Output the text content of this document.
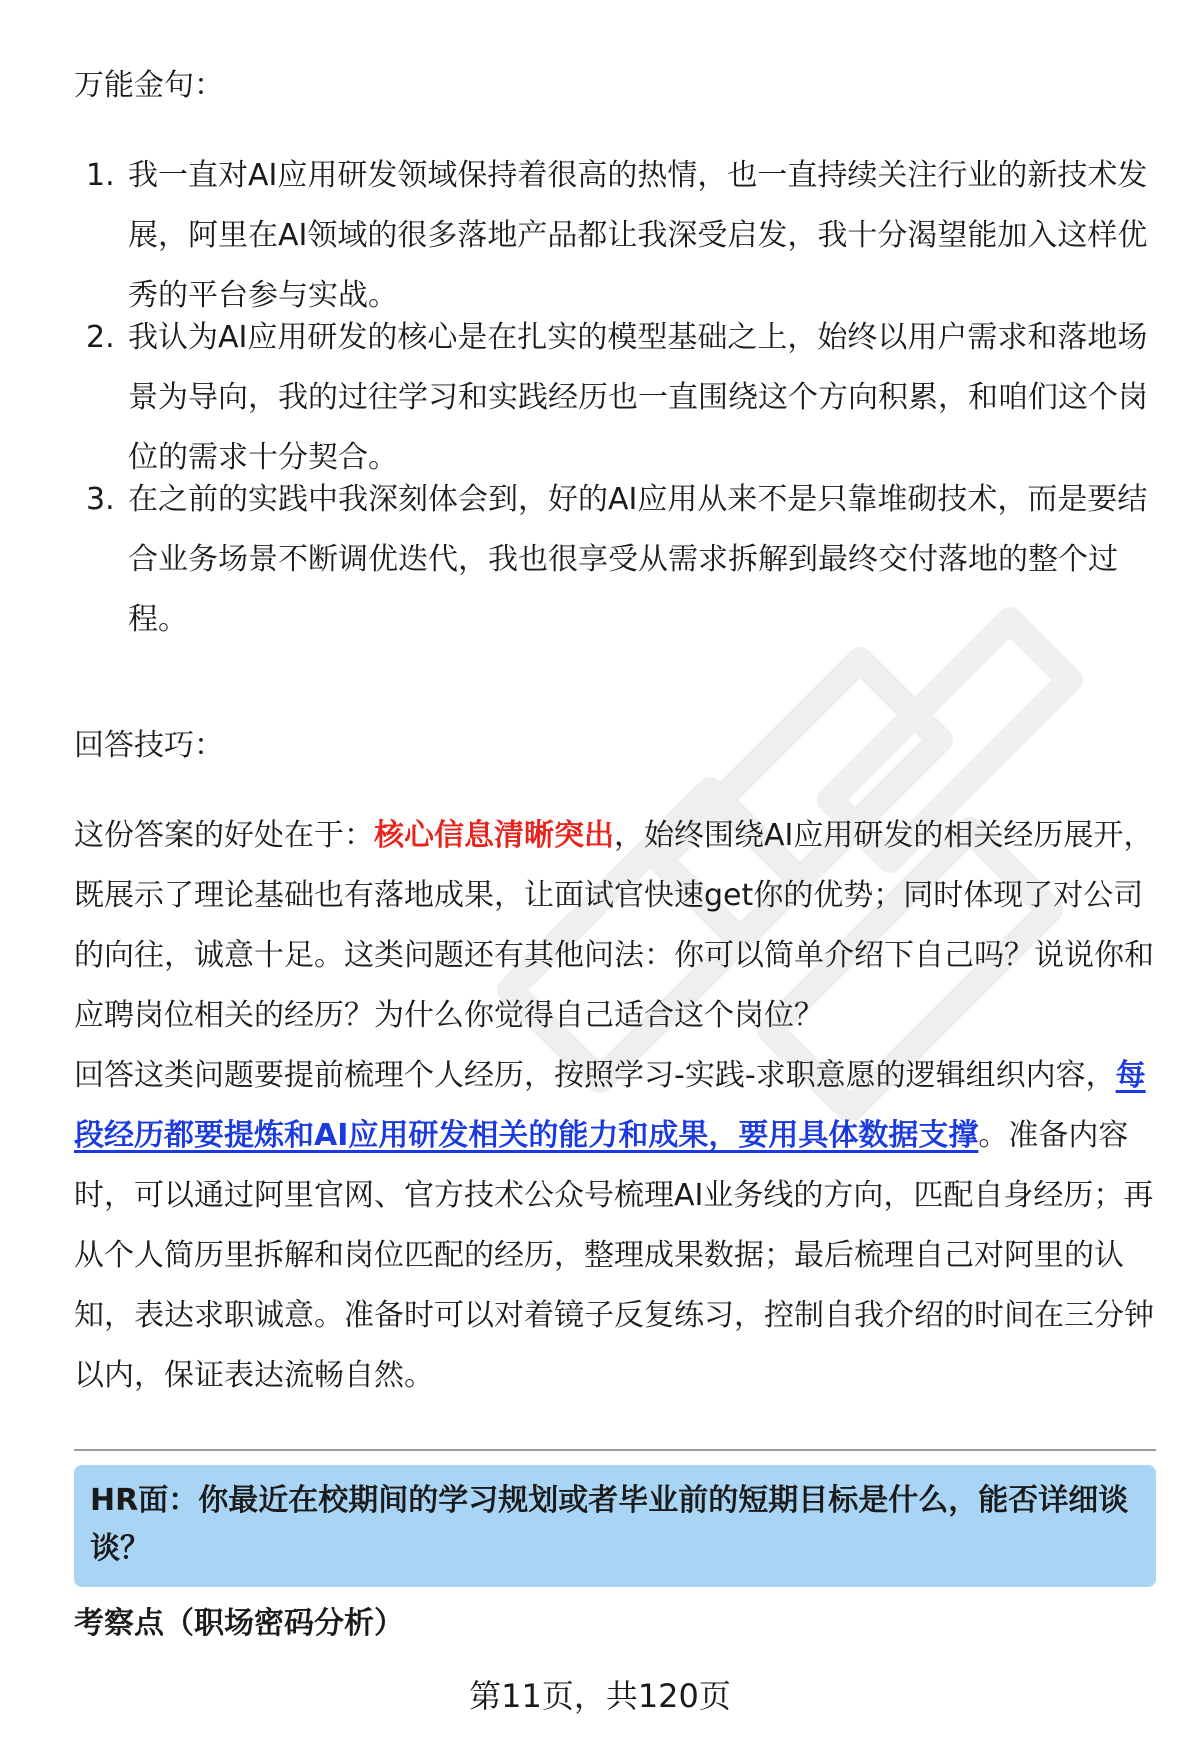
万能金句：
1. 我一直对AI应用研发领域保持着很高的热情，也一直持续关注行业的新技术发展，阿里在AI领域的很多落地产品都让我深受启发，我十分渴望能加入这样优秀的平台参与实战。
2. 我认为AI应用研发的核心是在扎实的模型基础之上，始终以用户需求和落地场景为导向，我的过往学习和实践经历也一直围绕这个方向积累，和咱们这个岗位的需求十分契合。
3. 在之前的实践中我深刻体会到，好的AI应用从来不是只靠堆砌技术，而是要结合业务场景不断调优迭代，我也很享受从需求拆解到最终交付落地的整个过程。
回答技巧：
这份答案的好处在于：核心信息清晰突出，始终围绕AI应用研发的相关经历展开，既展示了理论基础也有落地成果，让面试官快速get你的优势；同时体现了对公司的向往，诚意十足。这类问题还有其他问法：你可以简单介绍下自己吗？说说你和应聘岗位相关的经历？为什么你觉得自己适合这个岗位？
回答这类问题要提前梳理个人经历，按照学习-实践-求职意愿的逻辑组织内容，每段经历都要提炼和AI应用研发相关的能力和成果，要用具体数据支撑。准备内容时，可以通过阿里官网、官方技术公众号梳理AI业务线的方向，匹配自身经历；再从个人简历里拆解和岗位匹配的经历，整理成果数据；最后梳理自己对阿里的认知，表达求职诚意。准备时可以对着镜子反复练习，控制自我介绍的时间在三分钟以内，保证表达流畅自然。
HR面：你最近在校期间的学习规划或者毕业前的短期目标是什么，能否详细谈谈？
考察点（职场密码分析）
第11页，共120页
